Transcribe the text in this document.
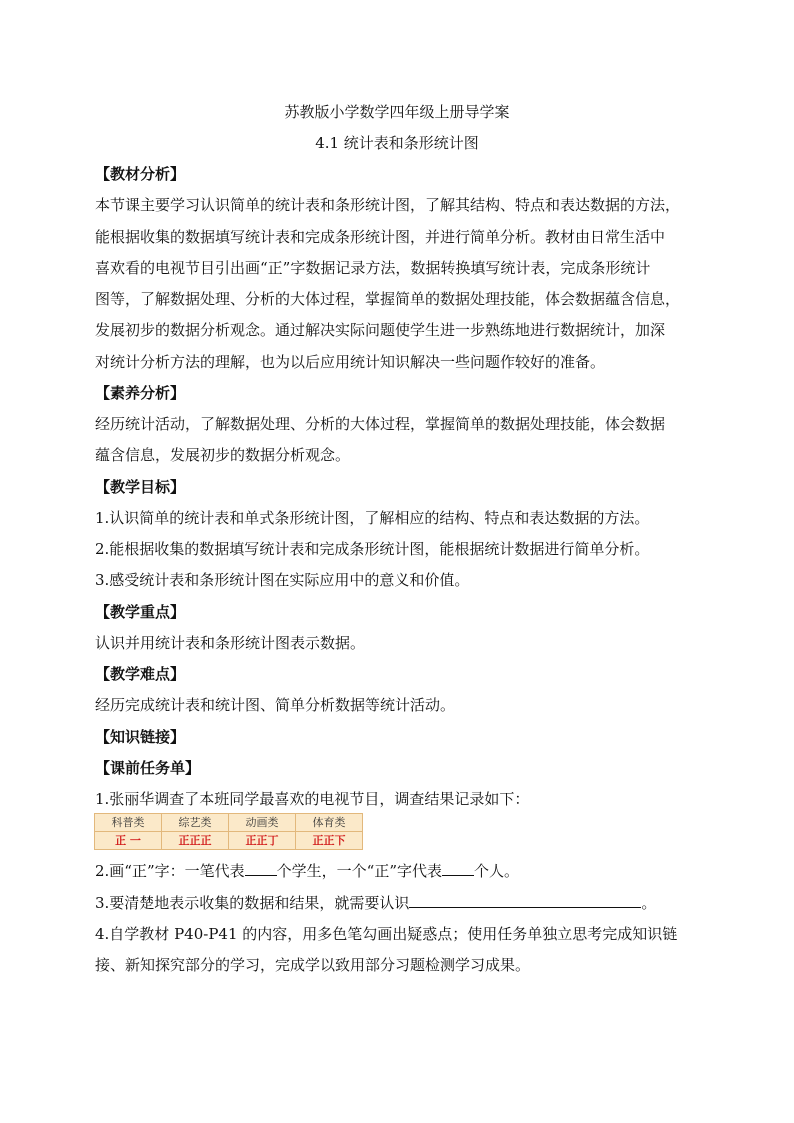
苏教版小学数学四年级上册导学案
4.1 统计表和条形统计图
【教材分析】
本节课主要学习认识简单的统计表和条形统计图，了解其结构、特点和表达数据的方法，
能根据收集的数据填写统计表和完成条形统计图，并进行简单分析。教材由日常生活中
喜欢看的电视节目引出画“正”字数据记录方法，数据转换填写统计表，完成条形统计
图等，了解数据处理、分析的大体过程，掌握简单的数据处理技能，体会数据蕴含信息，
发展初步的数据分析观念。通过解决实际问题使学生进一步熟练地进行数据统计，加深
对统计分析方法的理解，也为以后应用统计知识解决一些问题作较好的准备。
【素养分析】
经历统计活动，了解数据处理、分析的大体过程，掌握简单的数据处理技能，体会数据
蕴含信息，发展初步的数据分析观念。
【教学目标】
1.认识简单的统计表和单式条形统计图，了解相应的结构、特点和表达数据的方法。
2.能根据收集的数据填写统计表和完成条形统计图，能根据统计数据进行简单分析。
3.感受统计表和条形统计图在实际应用中的意义和价值。
【教学重点】
认识并用统计表和条形统计图表示数据。
【教学难点】
经历完成统计表和统计图、简单分析数据等统计活动。
【知识链接】
【课前任务单】
1.张丽华调查了本班同学最喜欢的电视节目，调查结果记录如下：
科普类	综艺类	动画类	体育类
正 一	正正正	正正丁	正正下
2.画“正”字：一笔代表 个学生，一个“正”字代表 个人。
3.要清楚地表示收集的数据和结果，就需要认识	。
4.自学教材 P40-P41 的内容，用多色笔勾画出疑惑点；使用任务单独立思考完成知识链
接、新知探究部分的学习，完成学以致用部分习题检测学习成果。
